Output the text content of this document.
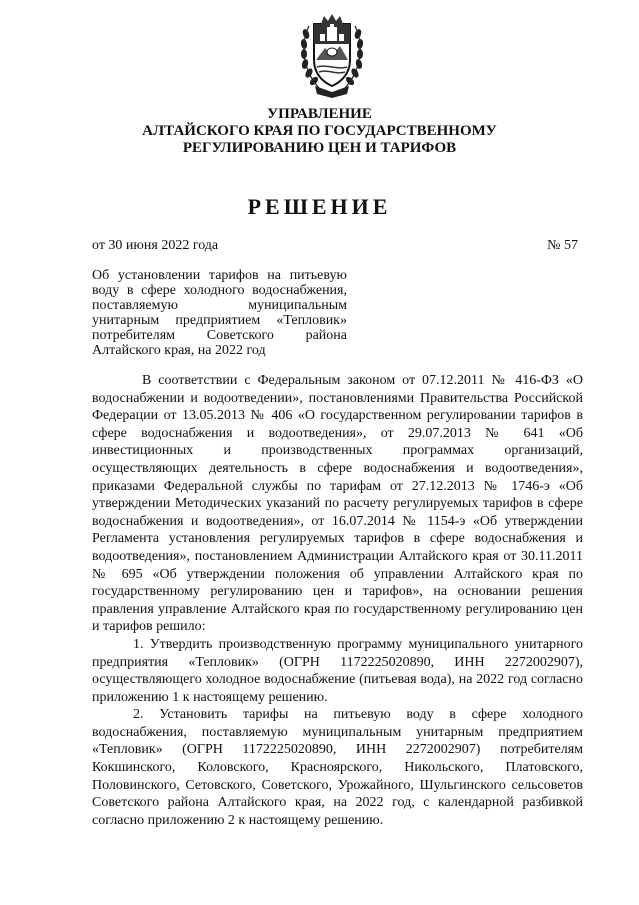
УПРАВЛЕНИЕ
АЛТАЙСКОГО КРАЯ ПО ГОСУДАРСТВЕННОМУ
РЕГУЛИРОВАНИЮ ЦЕН И ТАРИФОВ
РЕШЕНИЕ
от 30 июня 2022 года	№ 57
Об установлении тарифов на питьевую воду в сфере холодного водоснабжения, поставляемую муниципальным унитарным предприятием «Тепловик» потребителям Советского района Алтайского края, на 2022 год

В соответствии с Федеральным законом от 07.12.2011 № 416-ФЗ «О водоснабжении и водоотведении», постановлениями Правительства Российской Федерации от 13.05.2013 № 406 «О государственном регулировании тарифов в сфере водоснабжения и водоотведения», от 29.07.2013 № 641 «Об инвестиционных и производственных программах организаций, осуществляющих деятельность в сфере водоснабжения и водоотведения», приказами Федеральной службы по тарифам от 27.12.2013 № 1746-э «Об утверждении Методических указаний по расчету регулируемых тарифов в сфере водоснабжения и водоотведения», от 16.07.2014 № 1154-э «Об утверждении Регламента установления регулируемых тарифов в сфере водоснабжения и водоотведения», постановлением Администрации Алтайского края от 30.11.2011 № 695 «Об утверждении положения об управлении Алтайского края по государственному регулированию цен и тарифов», на основании решения правления управление Алтайского края по государственному регулированию цен и тарифов решило:

1. Утвердить производственную программу муниципального унитарного предприятия «Тепловик» (ОГРН 1172225020890, ИНН 2272002907), осуществляющего холодное водоснабжение (питьевая вода), на 2022 год согласно приложению 1 к настоящему решению.

2. Установить тарифы на питьевую воду в сфере холодного водоснабжения, поставляемую муниципальным унитарным предприятием «Тепловик» (ОГРН 1172225020890, ИНН 2272002907) потребителям Кокшинского, Коловского, Красноярского, Никольского, Платовского, Половинского, Сетовского, Советского, Урожайного, Шульгинского сельсоветов Советского района Алтайского края, на 2022 год, с календарной разбивкой согласно приложению 2 к настоящему решению.
